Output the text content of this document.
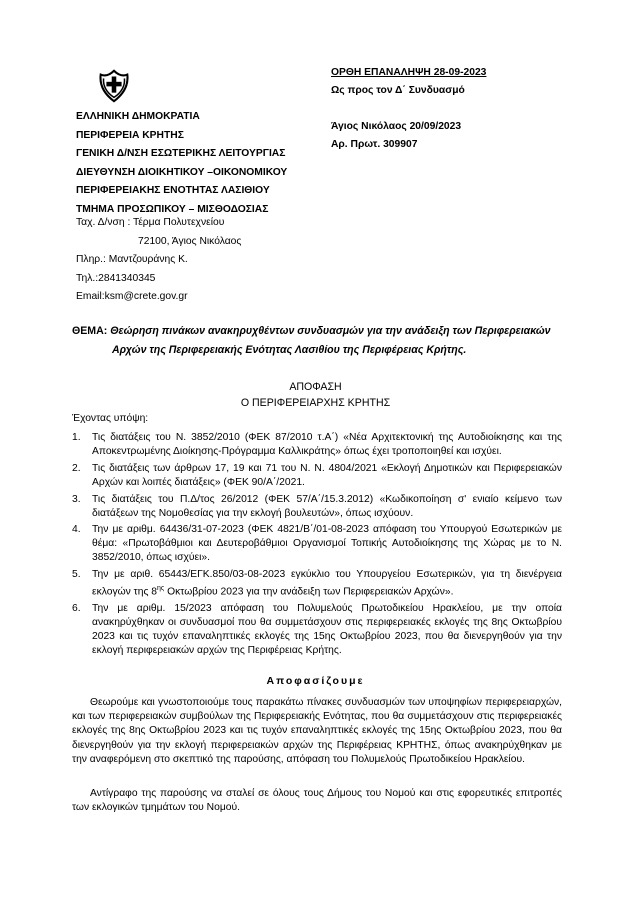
ΕΛΛΗΝΙΚΗ ΔΗΜΟΚΡΑΤΙΑ
ΠΕΡΙΦΕΡΕΙΑ ΚΡΗΤΗΣ
ΓΕΝΙΚΗ Δ/ΝΣΗ ΕΣΩΤΕΡΙΚΗΣ ΛΕΙΤΟΥΡΓΙΑΣ
ΔΙΕΥΘΥΝΣΗ ΔΙΟΙΚΗΤΙΚΟΥ –ΟΙΚΟΝΟΜΙΚΟΥ
ΠΕΡΙΦΕΡΕΙΑΚΗΣ ΕΝΟΤΗΤΑΣ ΛΑΣΙΘΙΟΥ
ΤΜΗΜΑ ΠΡΟΣΩΠΙΚΟΥ – ΜΙΣΘΟΔΟΣΙΑΣ
Ταχ. Δ/νση : Τέρμα Πολυτεχνείου
72100, Άγιος Νικόλαος
Πληρ.: Μαντζουράνης Κ.
Τηλ.:2841340345
Email:ksm@crete.gov.gr
ΟΡΘΗ ΕΠΑΝΑΛΗΨΗ 28-09-2023
Ως προς τον Δ΄ Συνδυασμό
Άγιος Νικόλαος 20/09/2023
Αρ. Πρωτ. 309907
ΘΕΜΑ: Θεώρηση πινάκων ανακηρυχθέντων συνδυασμών για την ανάδειξη των Περιφερειακών
Αρχών της Περιφερειακής Ενότητας Λασιθίου της Περιφέρειας Κρήτης.
ΑΠΟΦΑΣΗ
Ο ΠΕΡΙΦΕΡΕΙΑΡΧΗΣ ΚΡΗΤΗΣ
Έχοντας υπόψη:
1. Τις διατάξεις του Ν. 3852/2010 (ΦΕΚ 87/2010 τ.Α΄) «Νέα Αρχιτεκτονική της Αυτοδιοίκησης και της Αποκεντρωμένης Διοίκησης-Πρόγραμμα Καλλικράτης» όπως έχει τροποποιηθεί και ισχύει.
2. Τις διατάξεις των άρθρων 17, 19 και 71 του Ν. Ν. 4804/2021 «Εκλογή Δημοτικών και Περιφερειακών Αρχών και λοιπές διατάξεις» (ΦΕΚ 90/Α΄/2021.
3. Τις διατάξεις του Π.Δ/τος 26/2012 (ΦΕΚ 57/Α΄/15.3.2012) «Κωδικοποίηση σ' ενιαίο κείμενο των διατάξεων της Νομοθεσίας για την εκλογή βουλευτών», όπως ισχύουν.
4. Την με αριθμ. 64436/31-07-2023 (ΦΕΚ 4821/Β΄/01-08-2023 απόφαση του Υπουργού Εσωτερικών με θέμα: «Πρωτοβάθμιοι και Δευτεροβάθμιοι Οργανισμοί Τοπικής Αυτοδιοίκησης της Χώρας με το Ν. 3852/2010, όπως ισχύει».
5. Την με αριθ. 65443/ΕΓΚ.850/03-08-2023 εγκύκλιο του Υπουργείου Εσωτερικών, για τη διενέργεια εκλογών της $8^{\eta\varsigma}$ Οκτωβρίου 2023 για την ανάδειξη των Περιφερειακών Αρχών».
6. Την με αριθμ. 15/2023 απόφαση του Πολυμελούς Πρωτοδικείου Ηρακλείου, με την οποία ανακηρύχθηκαν οι συνδυασμοί που θα συμμετάσχουν στις περιφερειακές εκλογές της 8ης Οκτωβρίου 2023 και τις τυχόν επαναληπτικές εκλογές της 15ης Οκτωβρίου 2023, που θα διενεργηθούν για την εκλογή περιφερειακών αρχών της Περιφέρειας Κρήτης.
Αποφασίζουμε
Θεωρούμε και γνωστοποιούμε τους παρακάτω πίνακες συνδυασμών των υποψηφίων περιφερειαρχών, και των περιφερειακών συμβούλων της Περιφερειακής Ενότητας, που θα συμμετάσχουν στις περιφερειακές εκλογές της 8ης Οκτωβρίου 2023 και τις τυχόν επαναληπτικές εκλογές της 15ης Οκτωβρίου 2023, που θα διενεργηθούν για την εκλογή περιφερειακών αρχών της Περιφέρειας ΚΡΗΤΗΣ, όπως ανακηρύχθηκαν με την αναφερόμενη στο σκεπτικό της παρούσης, απόφαση του Πολυμελούς Πρωτοδικείου Ηρακλείου.
Αντίγραφο της παρούσης να σταλεί σε όλους τους Δήμους του Νομού και στις εφορευτικές επιτροπές των εκλογικών τμημάτων του Νομού.
